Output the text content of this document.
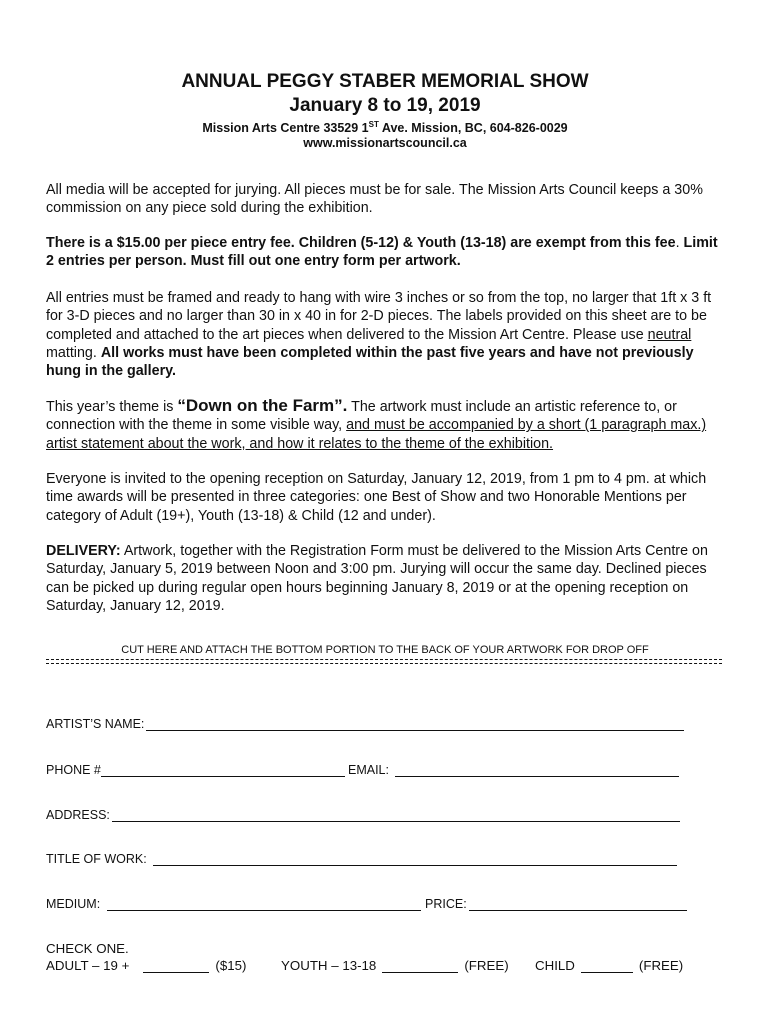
ANNUAL PEGGY STABER MEMORIAL SHOW
January 8 to 19, 2019
Mission Arts Centre 33529 1ST Ave. Mission, BC, 604-826-0029
www.missionartscouncil.ca
All media will be accepted for jurying. All pieces must be for sale. The Mission Arts Council keeps a 30% commission on any piece sold during the exhibition.
There is a $15.00 per piece entry fee. Children (5-12) & Youth (13-18) are exempt from this fee. Limit 2 entries per person. Must fill out one entry form per artwork.
All entries must be framed and ready to hang with wire 3 inches or so from the top, no larger that 1ft x 3 ft for 3-D pieces and no larger than 30 in x 40 in for 2-D pieces. The labels provided on this sheet are to be completed and attached to the art pieces when delivered to the Mission Art Centre. Please use neutral matting. All works must have been completed within the past five years and have not previously hung in the gallery.
This year’s theme is “Down on the Farm”. The artwork must include an artistic reference to, or connection with the theme in some visible way, and must be accompanied by a short (1 paragraph max.) artist statement about the work, and how it relates to the theme of the exhibition.
Everyone is invited to the opening reception on Saturday, January 12, 2019, from 1 pm to 4 pm. at which time awards will be presented in three categories: one Best of Show and two Honorable Mentions per category of Adult (19+), Youth (13-18) & Child (12 and under).
DELIVERY: Artwork, together with the Registration Form must be delivered to the Mission Arts Centre on Saturday, January 5, 2019 between Noon and 3:00 pm. Jurying will occur the same day. Declined pieces can be picked up during regular open hours beginning January 8, 2019 or at the opening reception on Saturday, January 12, 2019.
CUT HERE AND ATTACH THE BOTTOM PORTION TO THE BACK OF YOUR ARTWORK FOR DROP OFF
ARTIST’S NAME:
PHONE #	EMAIL:
ADDRESS:
TITLE OF WORK:
MEDIUM:	PRICE:
CHECK ONE.
ADULT – 19 +	($15)	YOUTH – 13-18	(FREE) CHILD	(FREE)
